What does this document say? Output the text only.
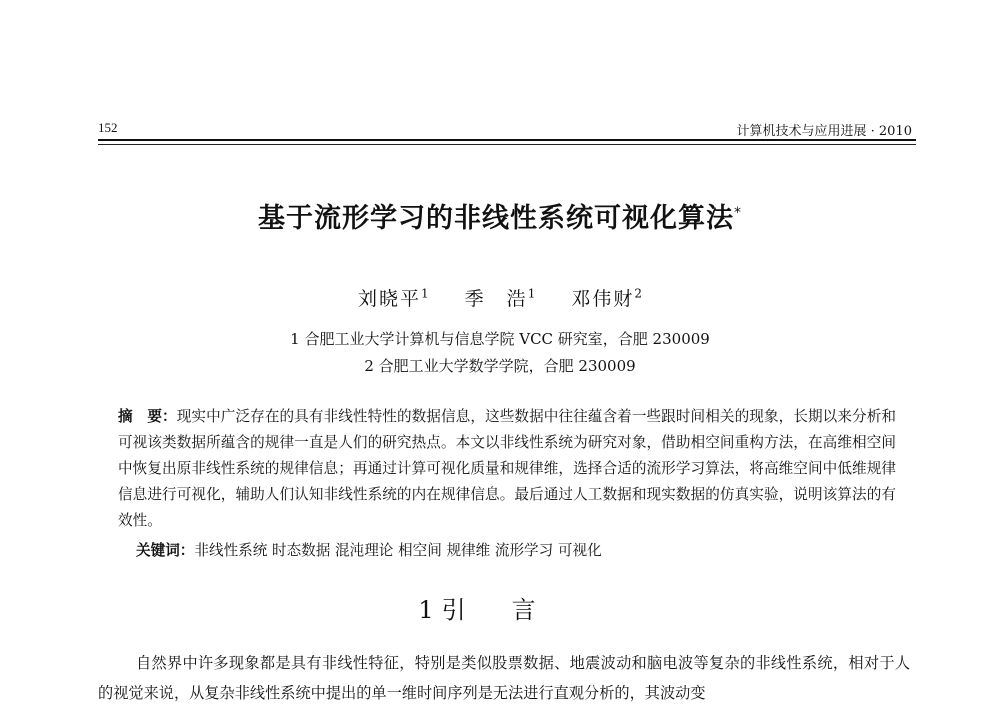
152	计算机技术与应用进展 · 2010
基于流形学习的非线性系统可视化算法*
刘晓平$^1$ 季　浩$^1$ 邓伟财$^2$
1 合肥工业大学计算机与信息学院 VCC 研究室，合肥 230009
2 合肥工业大学数学学院，合肥 230009
摘　要：现实中广泛存在的具有非线性特性的数据信息，这些数据中往往蕴含着一些跟时间相关的现象，长期以来分析和可视该类数据所蕴含的规律一直是人们的研究热点。本文以非线性系统为研究对象，借助相空间重构方法，在高维相空间中恢复出原非线性系统的规律信息；再通过计算可视化质量和规律维，选择合适的流形学习算法，将高维空间中低维规律信息进行可视化，辅助人们认知非线性系统的内在规律信息。最后通过人工数据和现实数据的仿真实验，说明该算法的有效性。
关键词：非线性系统 时态数据 混沌理论 相空间 规律维 流形学习 可视化
1 引言
自然界中许多现象都是具有非线性特征，特别是类似股票数据、地震波动和脑电波等复杂的非线性系统，相对于人的视觉来说，从复杂非线性系统中提出的单一维时间序列是无法进行直观分析的，其波动变
